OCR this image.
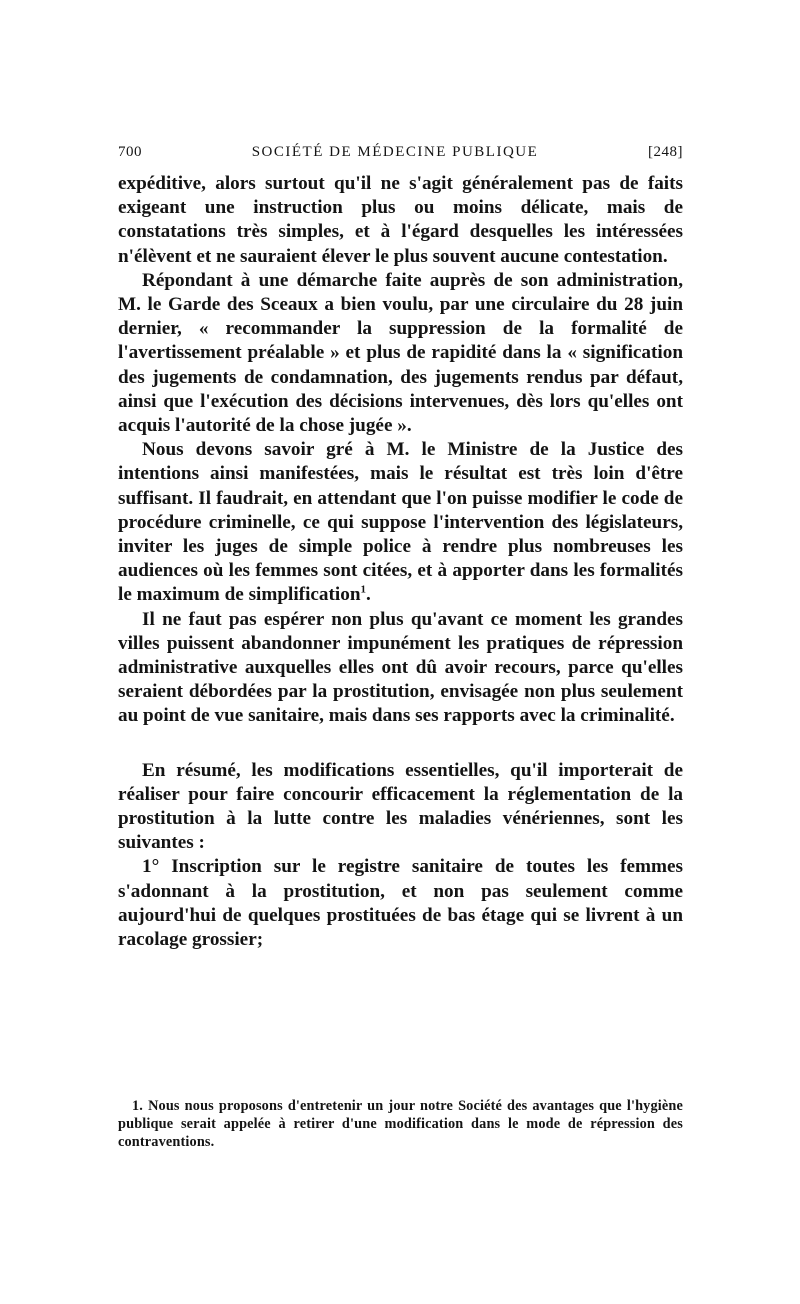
700	SOCIÉTÉ DE MÉDECINE PUBLIQUE	[248]

expéditive, alors surtout qu'il ne s'agit généralement pas de faits exigeant une instruction plus ou moins délicate, mais de constatations très simples, et à l'égard desquelles les intéressées n'élèvent et ne sauraient élever le plus souvent aucune contestation.

Répondant à une démarche faite auprès de son administration, M. le Garde des Sceaux a bien voulu, par une circulaire du 28 juin dernier, « recommander la suppression de la formalité de l'avertissement préalable » et plus de rapidité dans la « signification des jugements de condamnation, des jugements rendus par défaut, ainsi que l'exécution des décisions intervenues, dès lors qu'elles ont acquis l'autorité de la chose jugée ».

Nous devons savoir gré à M. le Ministre de la Justice des intentions ainsi manifestées, mais le résultat est très loin d'être suffisant. Il faudrait, en attendant que l'on puisse modifier le code de procédure criminelle, ce qui suppose l'intervention des législateurs, inviter les juges de simple police à rendre plus nombreuses les audiences où les femmes sont citées, et à apporter dans les formalités le maximum de simplification$^1$.

Il ne faut pas espérer non plus qu'avant ce moment les grandes villes puissent abandonner impunément les pratiques de répression administrative auxquelles elles ont dû avoir recours, parce qu'elles seraient débordées par la prostitution, envisagée non plus seulement au point de vue sanitaire, mais dans ses rapports avec la criminalité.

En résumé, les modifications essentielles, qu'il importerait de réaliser pour faire concourir efficacement la réglementation de la prostitution à la lutte contre les maladies vénériennes, sont les suivantes :

1° Inscription sur le registre sanitaire de toutes les femmes s'adonnant à la prostitution, et non pas seulement comme aujourd'hui de quelques prostituées de bas étage qui se livrent à un racolage grossier;

1. Nous nous proposons d'entretenir un jour notre Société des avantages que l'hygiène publique serait appelée à retirer d'une modification dans le mode de répression des contraventions.
